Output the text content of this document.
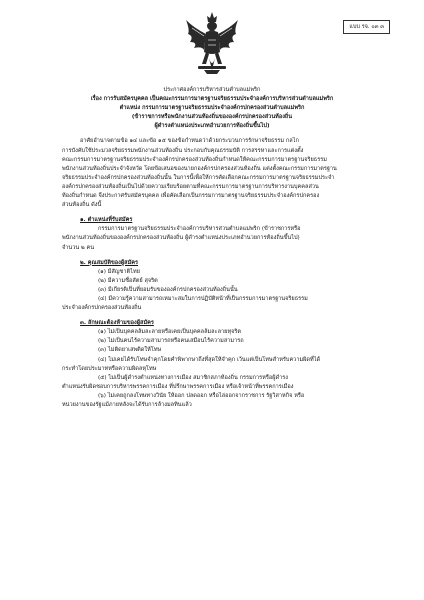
แบบ รจ. ๐๓ ๓
ประกาศองค์การบริหารส่วนตำบลแม่พริก
เรื่อง การรับสมัครบุคคล เป็นคณะกรรมการมาตรฐานจริยธรรมประจำองค์การบริหารส่วนตำบลแม่พริก
ตำแหน่ง กรรมการมาตรฐานจริยธรรมประจำองค์กรปกครองส่วนตำบลแม่พริก
(ข้าราชการหรือพนักงานส่วนท้องถิ่นขององค์กรปกครองส่วนท้องถิ่น
ผู้ดำรงตำแหน่งประเภทอำนวยการท้องถิ่นขึ้นไป)
อาศัยอำนาจตามข้อ ๑๔ และข้อ ๑๕ ของข้อกำหนดว่าด้วยกระบวนการรักษาจริยธรรม กลไก
การบังคับใช้ประมวลจริยธรรมพนักงานส่วนท้องถิ่น ประกอบกับคุณธรรมบัติ การสรรหาและการแต่งตั้ง
คณะกรรมการมาตรฐานจริยธรรมประจำองค์กรปกครองส่วนท้องถิ่นกำหนดให้คณะกรรมการมาตรฐานจริยธรรม
พนักงานส่วนท้องถิ่นประจำจังหวัด โดยข้อเสนอของนายกองค์กรปกครองส่วนท้องถิ่น แต่งตั้งคณะกรรมการมาตรฐาน
จริยธรรมประจำองค์กรปกครองส่วนท้องถิ่นนั้น ในการนี้เพื่อให้การคัดเลือกคณะกรรมการมาตรฐานจริยธรรมประจำ
องค์กรปกครองส่วนท้องถิ่นเป็นไปด้วยความเรียบร้อยตามที่คณะกรรมการมาตรฐานการบริหารงานบุคคลส่วน
ท้องถิ่นกำหนด จึงประกาศรับสมัครบุคคล เพื่อคัดเลือกเป็นกรรมการมาตรฐานจริยธรรมประจำองค์กรปกครอง
ส่วนท้องถิ่น ดังนี้
๑. ตำแหน่งที่รับสมัคร
กรรมการมาตรฐานจริยธรรมประจำองค์การบริหารส่วนตำบลแม่พริก (ข้าราชการหรือ
พนักงานส่วนท้องถิ่นขององค์กรปกครองส่วนท้องถิ่น ผู้ดำรงตำแหน่งประเภทอำนวยการท้องถิ่นขึ้นไป)
จำนวน ๒ คน
๒. คุณสมบัติของผู้สมัคร
(๑) มีสัญชาติไทย
(๒) มีความซื่อสัตย์ สุจริต
(๓) มีเกียรติเป็นที่ยอมรับขององค์กรปกครองส่วนท้องถิ่นนั้น
(๔) มีความรู้ความสามารถเหมาะสมในการปฏิบัติหน้าที่เป็นกรรมการมาตรฐานจริยธรรม
ประจำองค์กรปกครองส่วนท้องถิ่น
๓. ลักษณะต้องห้ามของผู้สมัคร
(๑) ไม่เป็นบุคคลล้มละลายหรือเคยเป็นบุคคลล้มละลายทุจริต
(๒) ไม่เป็นคนไร้ความสามารถหรือคนเสมือนไร้ความสามารถ
(๓) ไม่ติดยาเสพติดให้โทษ
(๔) ไม่เคยได้รับโทษจำคุกโดยคำพิพากษาถึงที่สุดให้จำคุก เว้นแต่เป็นโทษสำหรับความผิดที่ได้
กระทำโดยประมาทหรือความผิดลหุโทษ
(๕) ไม่เป็นผู้ดำรงตำแหน่งทางการเมือง สมาชิกสภาท้องถิ่น กรรมการหรือผู้ดำรง
ตำแหน่งรับผิดชอบการบริหารพรรคการเมือง ที่ปรึกษาพรรคการเมือง หรือเจ้าหน้าที่พรรคการเมือง
(๖) ไม่เคยถูกลงโทษทางวินัย ให้ออก ปลดออก หรือไล่ออกจากราชการ รัฐวิสาหกิจ หรือ
หน่วยงานของรัฐแม้ภายหลังจะได้รับการล้างมลทินแล้ว
